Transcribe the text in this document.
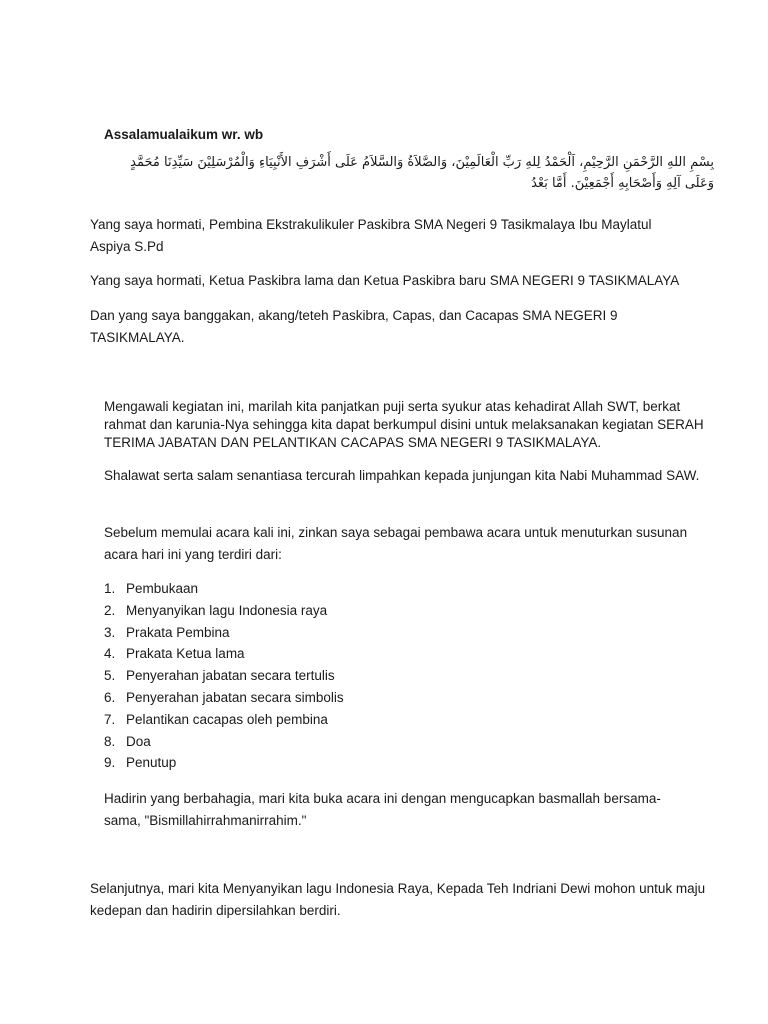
Assalamualaikum wr. wb

بِسْمِ اللهِ الرَّحْمَنِ الرَّحِيْمِ، اَلْحَمْدُ لِلهِ رَبِّ الْعَالَمِيْنَ، وَالصَّلاَةُ وَالسَّلاَمُ عَلَى أَشْرَفِ الأَنْبِيَاءِ وَالْمُرْسَلِيْنَ سَيِّدِنَا مُحَمَّدٍ وَعَلَى آلِهِ وَأَصْحَابِهِ أَجْمَعِيْنَ. أَمَّا بَعْدُ

Yang saya hormati, Pembina Ekstrakulikuler Paskibra SMA Negeri 9 Tasikmalaya Ibu Maylatul Aspiya S.Pd

Yang saya hormati, Ketua Paskibra lama dan Ketua Paskibra baru SMA NEGERI 9 TASIKMALAYA

Dan yang saya banggakan, akang/teteh Paskibra, Capas, dan Cacapas SMA NEGERI 9 TASIKMALAYA.

Mengawali kegiatan ini, marilah kita panjatkan puji serta syukur atas kehadirat Allah SWT, berkat rahmat dan karunia-Nya sehingga kita dapat berkumpul disini untuk melaksanakan kegiatan SERAH TERIMA JABATAN DAN PELANTIKAN CACAPAS SMA NEGERI 9 TASIKMALAYA.

Shalawat serta salam senantiasa tercurah limpahkan kepada junjungan kita Nabi Muhammad SAW.

Sebelum memulai acara kali ini, zinkan saya sebagai pembawa acara untuk menuturkan susunan acara hari ini yang terdiri dari:

1. Pembukaan
2. Menyanyikan lagu Indonesia raya
3. Prakata Pembina
4. Prakata Ketua lama
5. Penyerahan jabatan secara tertulis
6. Penyerahan jabatan secara simbolis
7. Pelantikan cacapas oleh pembina
8. Doa
9. Penutup

Hadirin yang berbahagia, mari kita buka acara ini dengan mengucapkan basmallah bersama-sama, "Bismillahirrahmanirrahim."

Selanjutnya, mari kita Menyanyikan lagu Indonesia Raya, Kepada Teh Indriani Dewi mohon untuk maju kedepan dan hadirin dipersilahkan berdiri.
